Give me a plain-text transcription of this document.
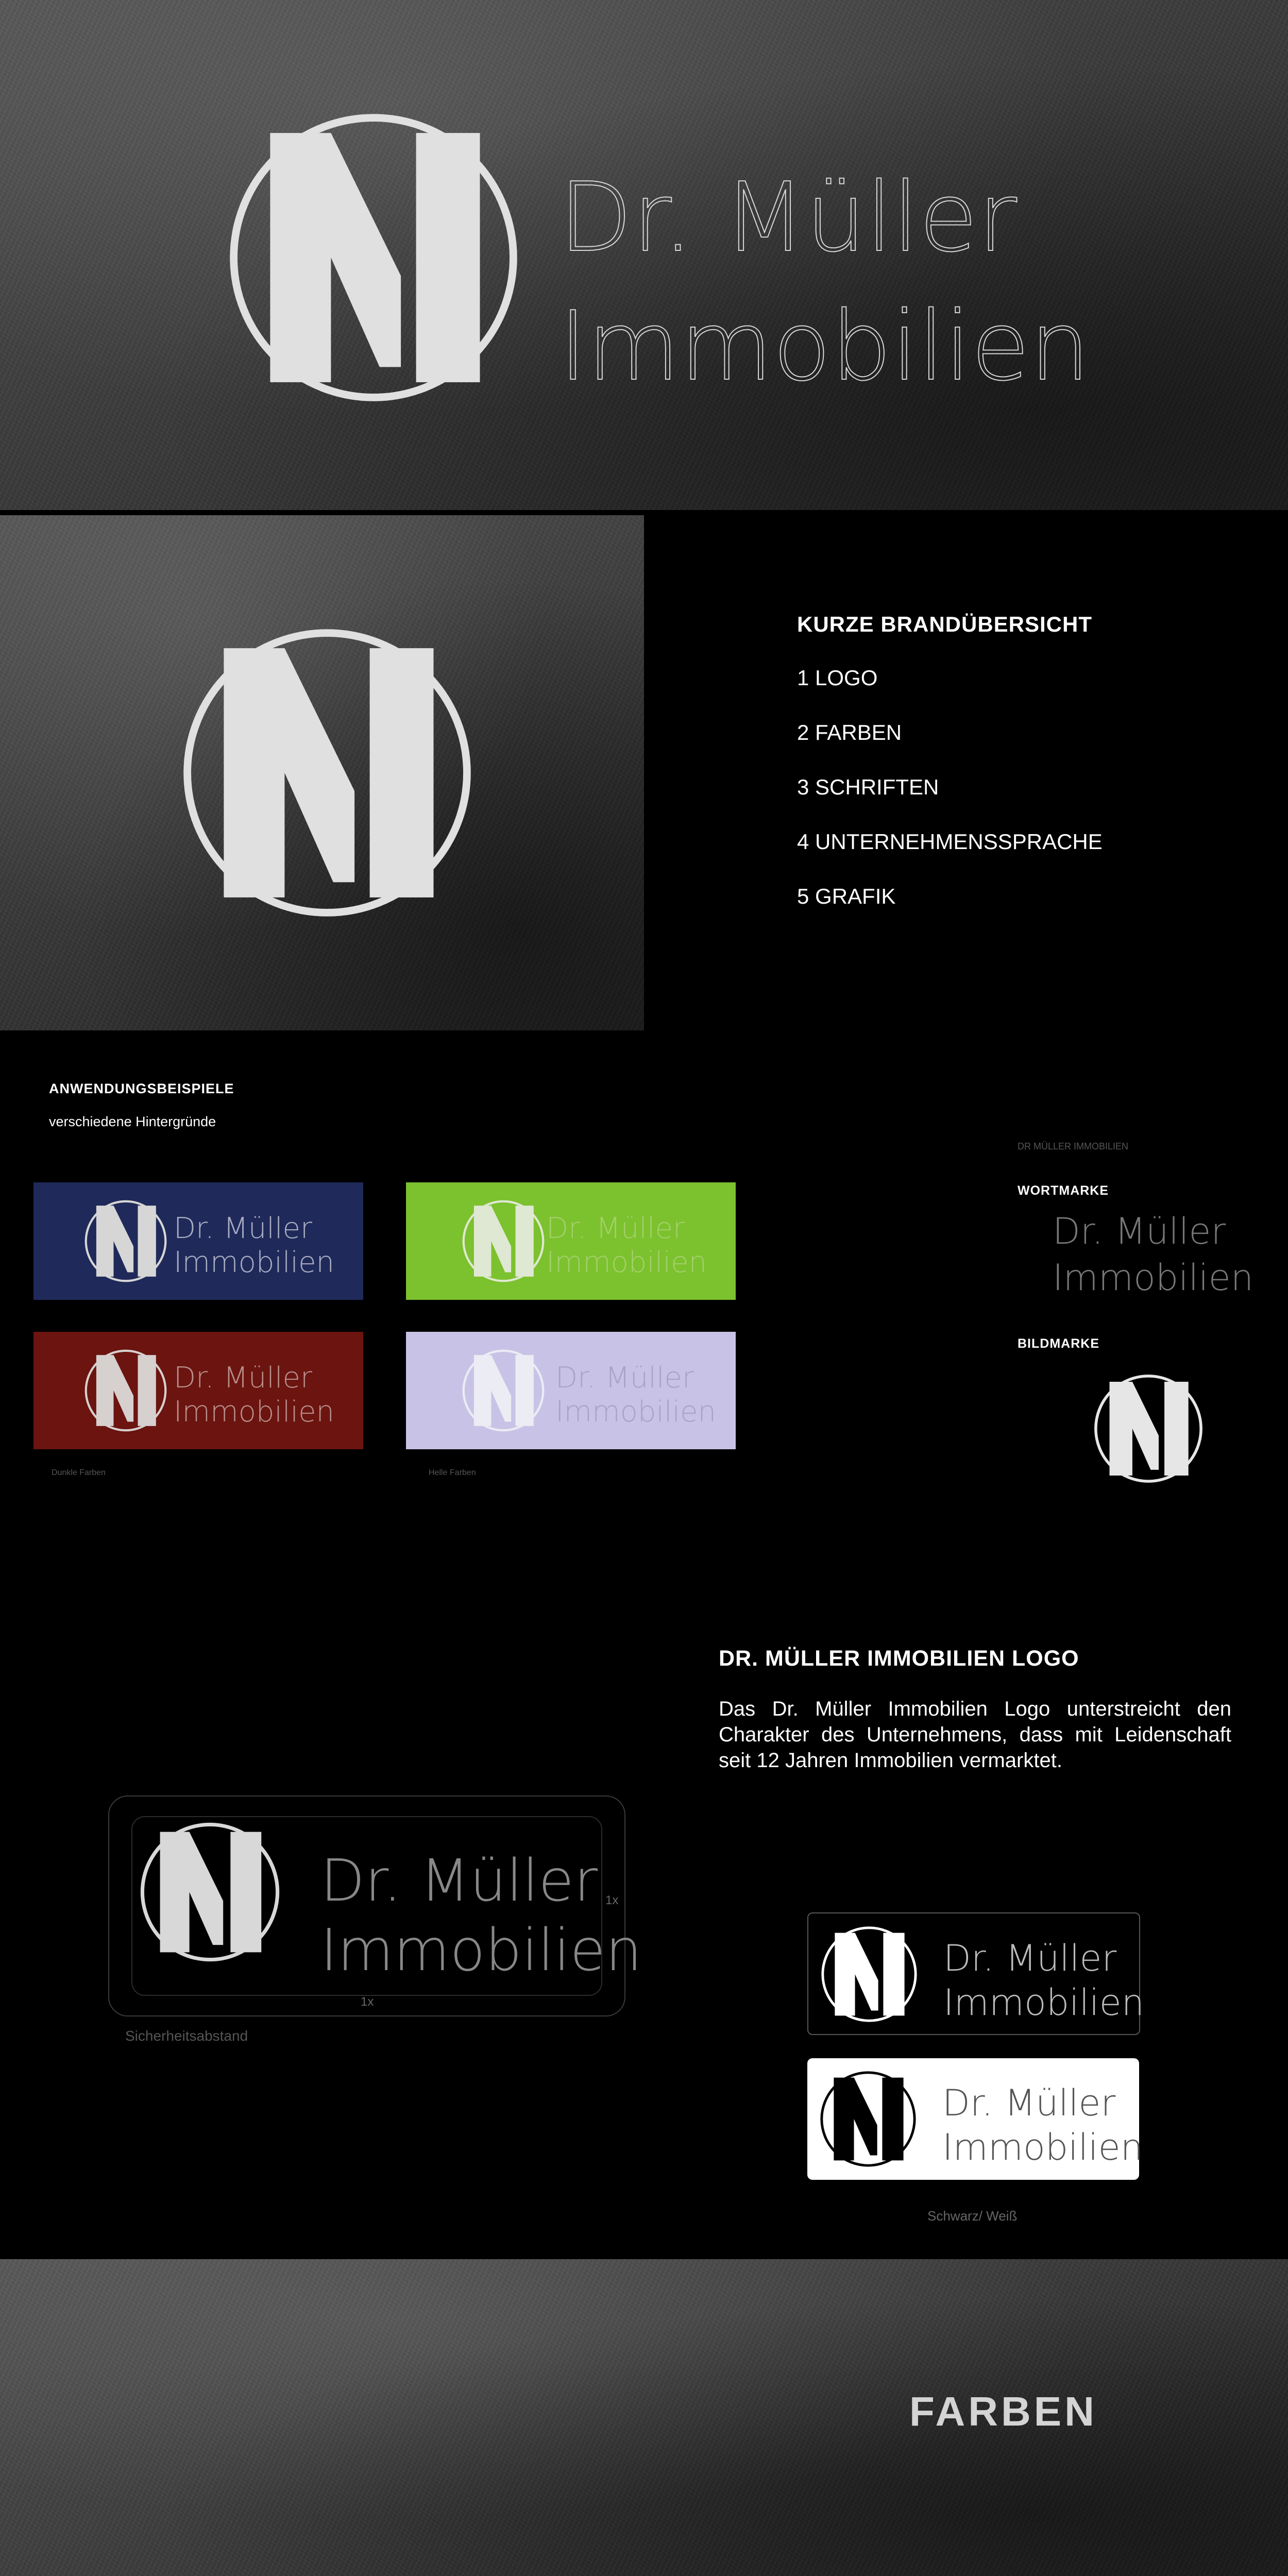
Dr. Müller
Immobilien
KURZE BRANDÜBERSICHT
1 LOGO
2 FARBEN
3 SCHRIFTEN
4 UNTERNEHMENSSPRACHE
5 GRAFIK
ANWENDUNGSBEISPIELE
verschiedene Hintergründe
Dr. Müller
Immobilien
Dr. Müller
Immobilien
Dr. Müller
Immobilien
Dr. Müller
Immobilien
Dunkle Farben	Helle Farben
DR MÜLLER IMMOBILIEN
WORTMARKE
Dr. Müller
Immobilien
BILDMARKE
DR. MÜLLER IMMOBILIEN LOGO
Das Dr. Müller Immobilien Logo unterstreicht den Charakter des Unternehmens, dass mit Leidenschaft seit 12 Jahren Immobilien vermarktet.
Dr. Müller
Immobilien
1x
1x
Sicherheitsabstand
Dr. Müller
Immobilien
Dr. Müller
Immobilien
Schwarz/ Weiß
FARBEN
